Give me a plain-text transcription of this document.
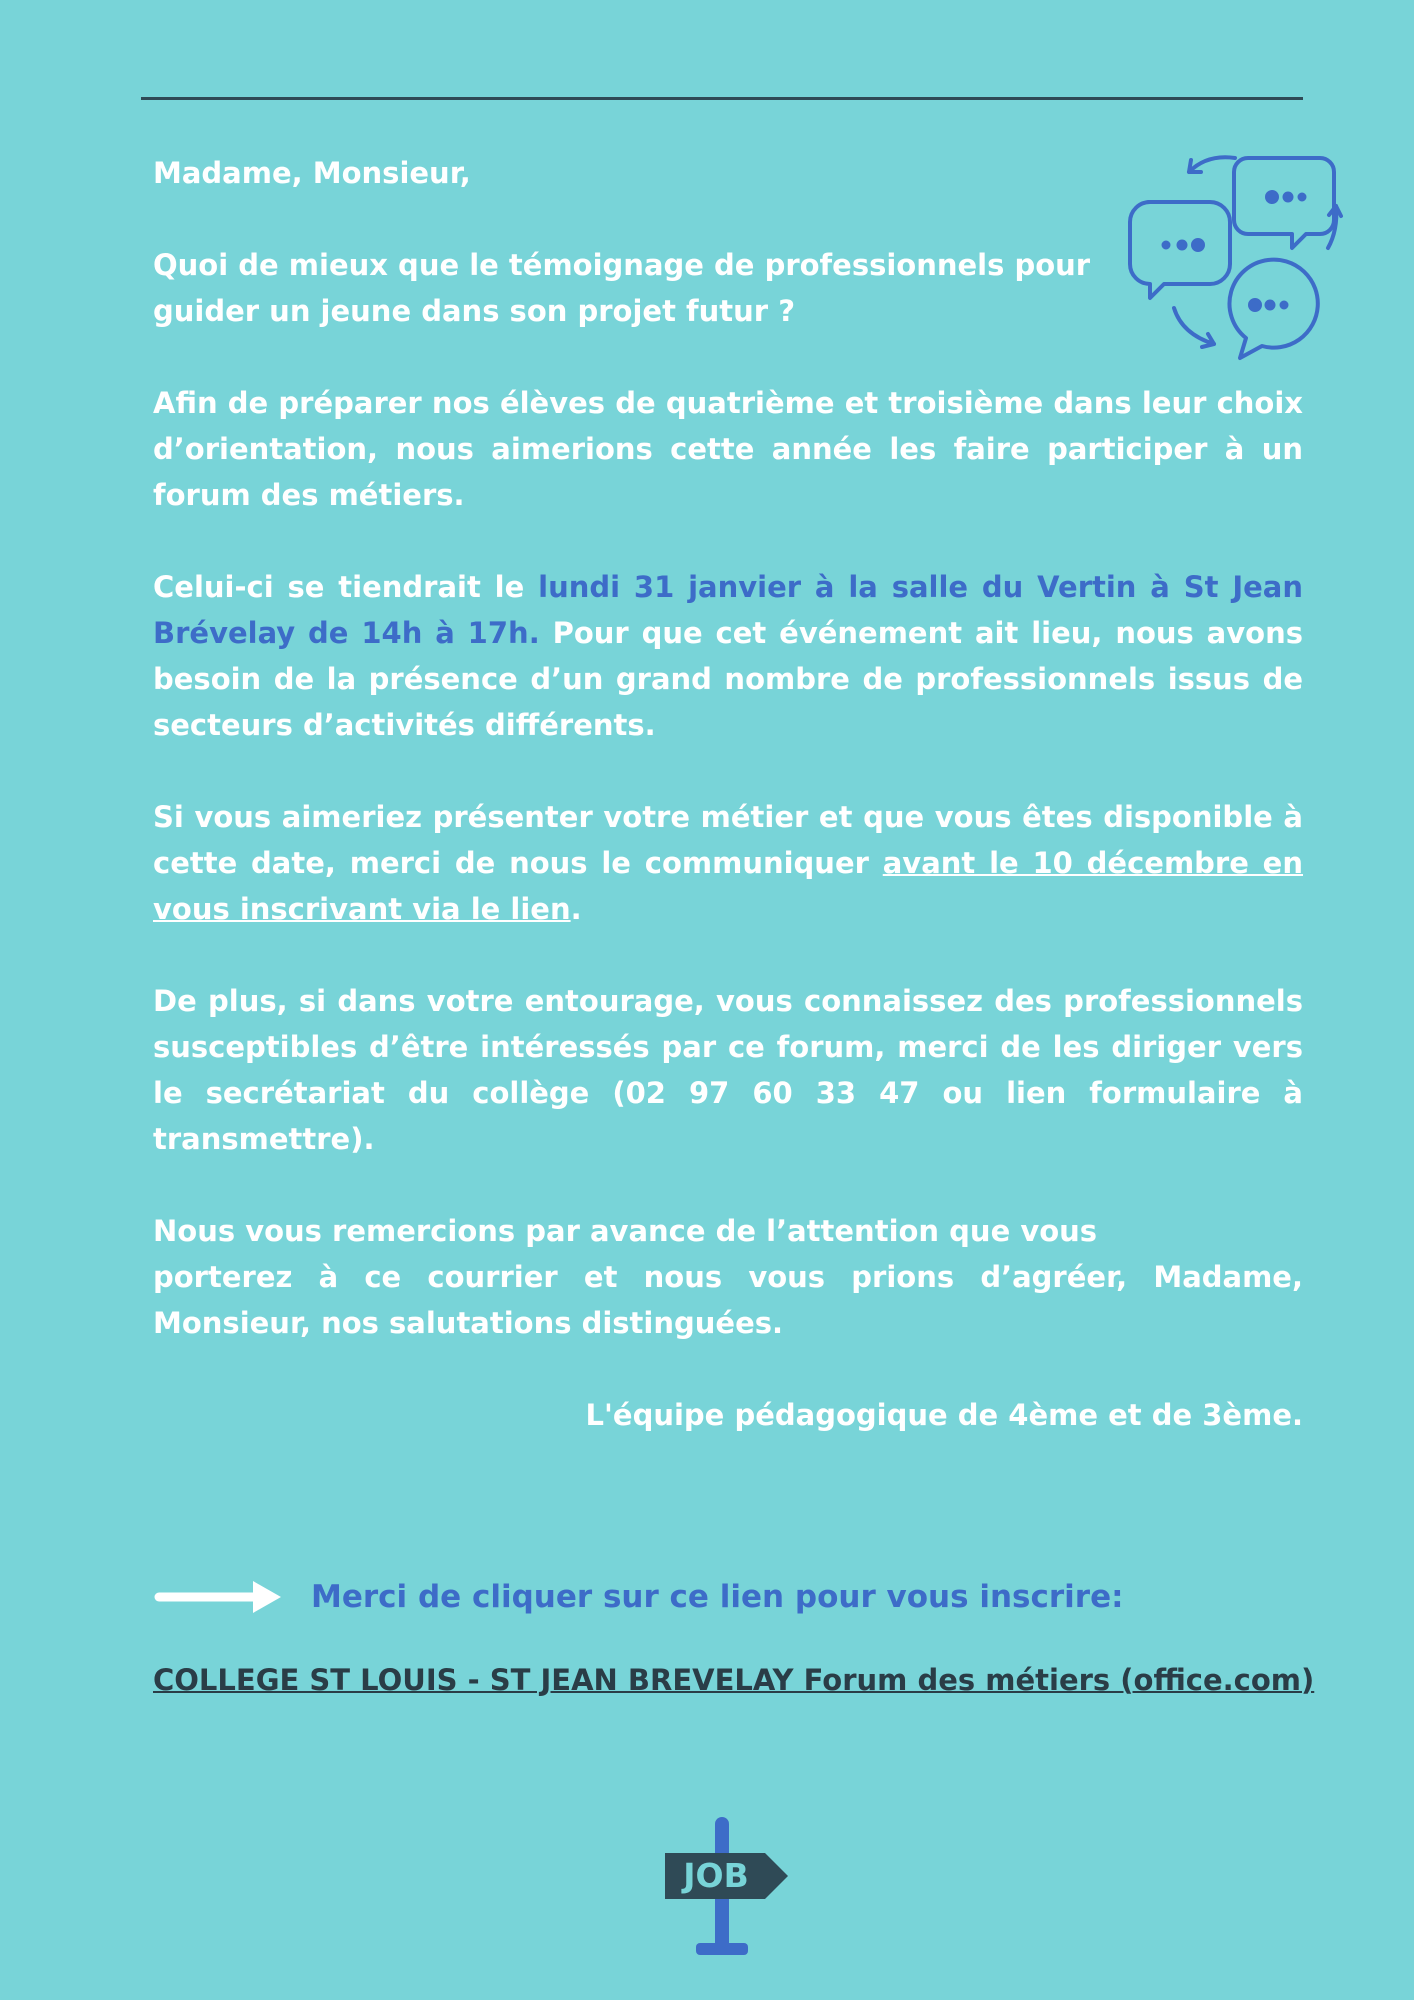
Madame, Monsieur,

Quoi de mieux que le témoignage de professionnels pour guider un jeune dans son projet futur ?

Afin de préparer nos élèves de quatrième et troisième dans leur choix d’orientation, nous aimerions cette année les faire participer à un forum des métiers.

Celui-ci se tiendrait le lundi 31 janvier à la salle du Vertin à St Jean Brévelay de 14h à 17h. Pour que cet événement ait lieu, nous avons besoin de la présence d’un grand nombre de professionnels issus de secteurs d’activités différents.

Si vous aimeriez présenter votre métier et que vous êtes disponible à cette date, merci de nous le communiquer avant le 10 décembre en vous inscrivant via le lien.

De plus, si dans votre entourage, vous connaissez des professionnels susceptibles d’être intéressés par ce forum, merci de les diriger vers le secrétariat du collège (02 97 60 33 47 ou lien formulaire à transmettre).

Nous vous remercions par avance de l’attention que vous
porterez à ce courrier et nous vous prions d’agréer, Madame, Monsieur, nos salutations distinguées.

L'équipe pédagogique de 4ème et de 3ème.

Merci de cliquer sur ce lien pour vous inscrire:
COLLEGE ST LOUIS - ST JEAN BREVELAY Forum des métiers (office.com)
JOB
